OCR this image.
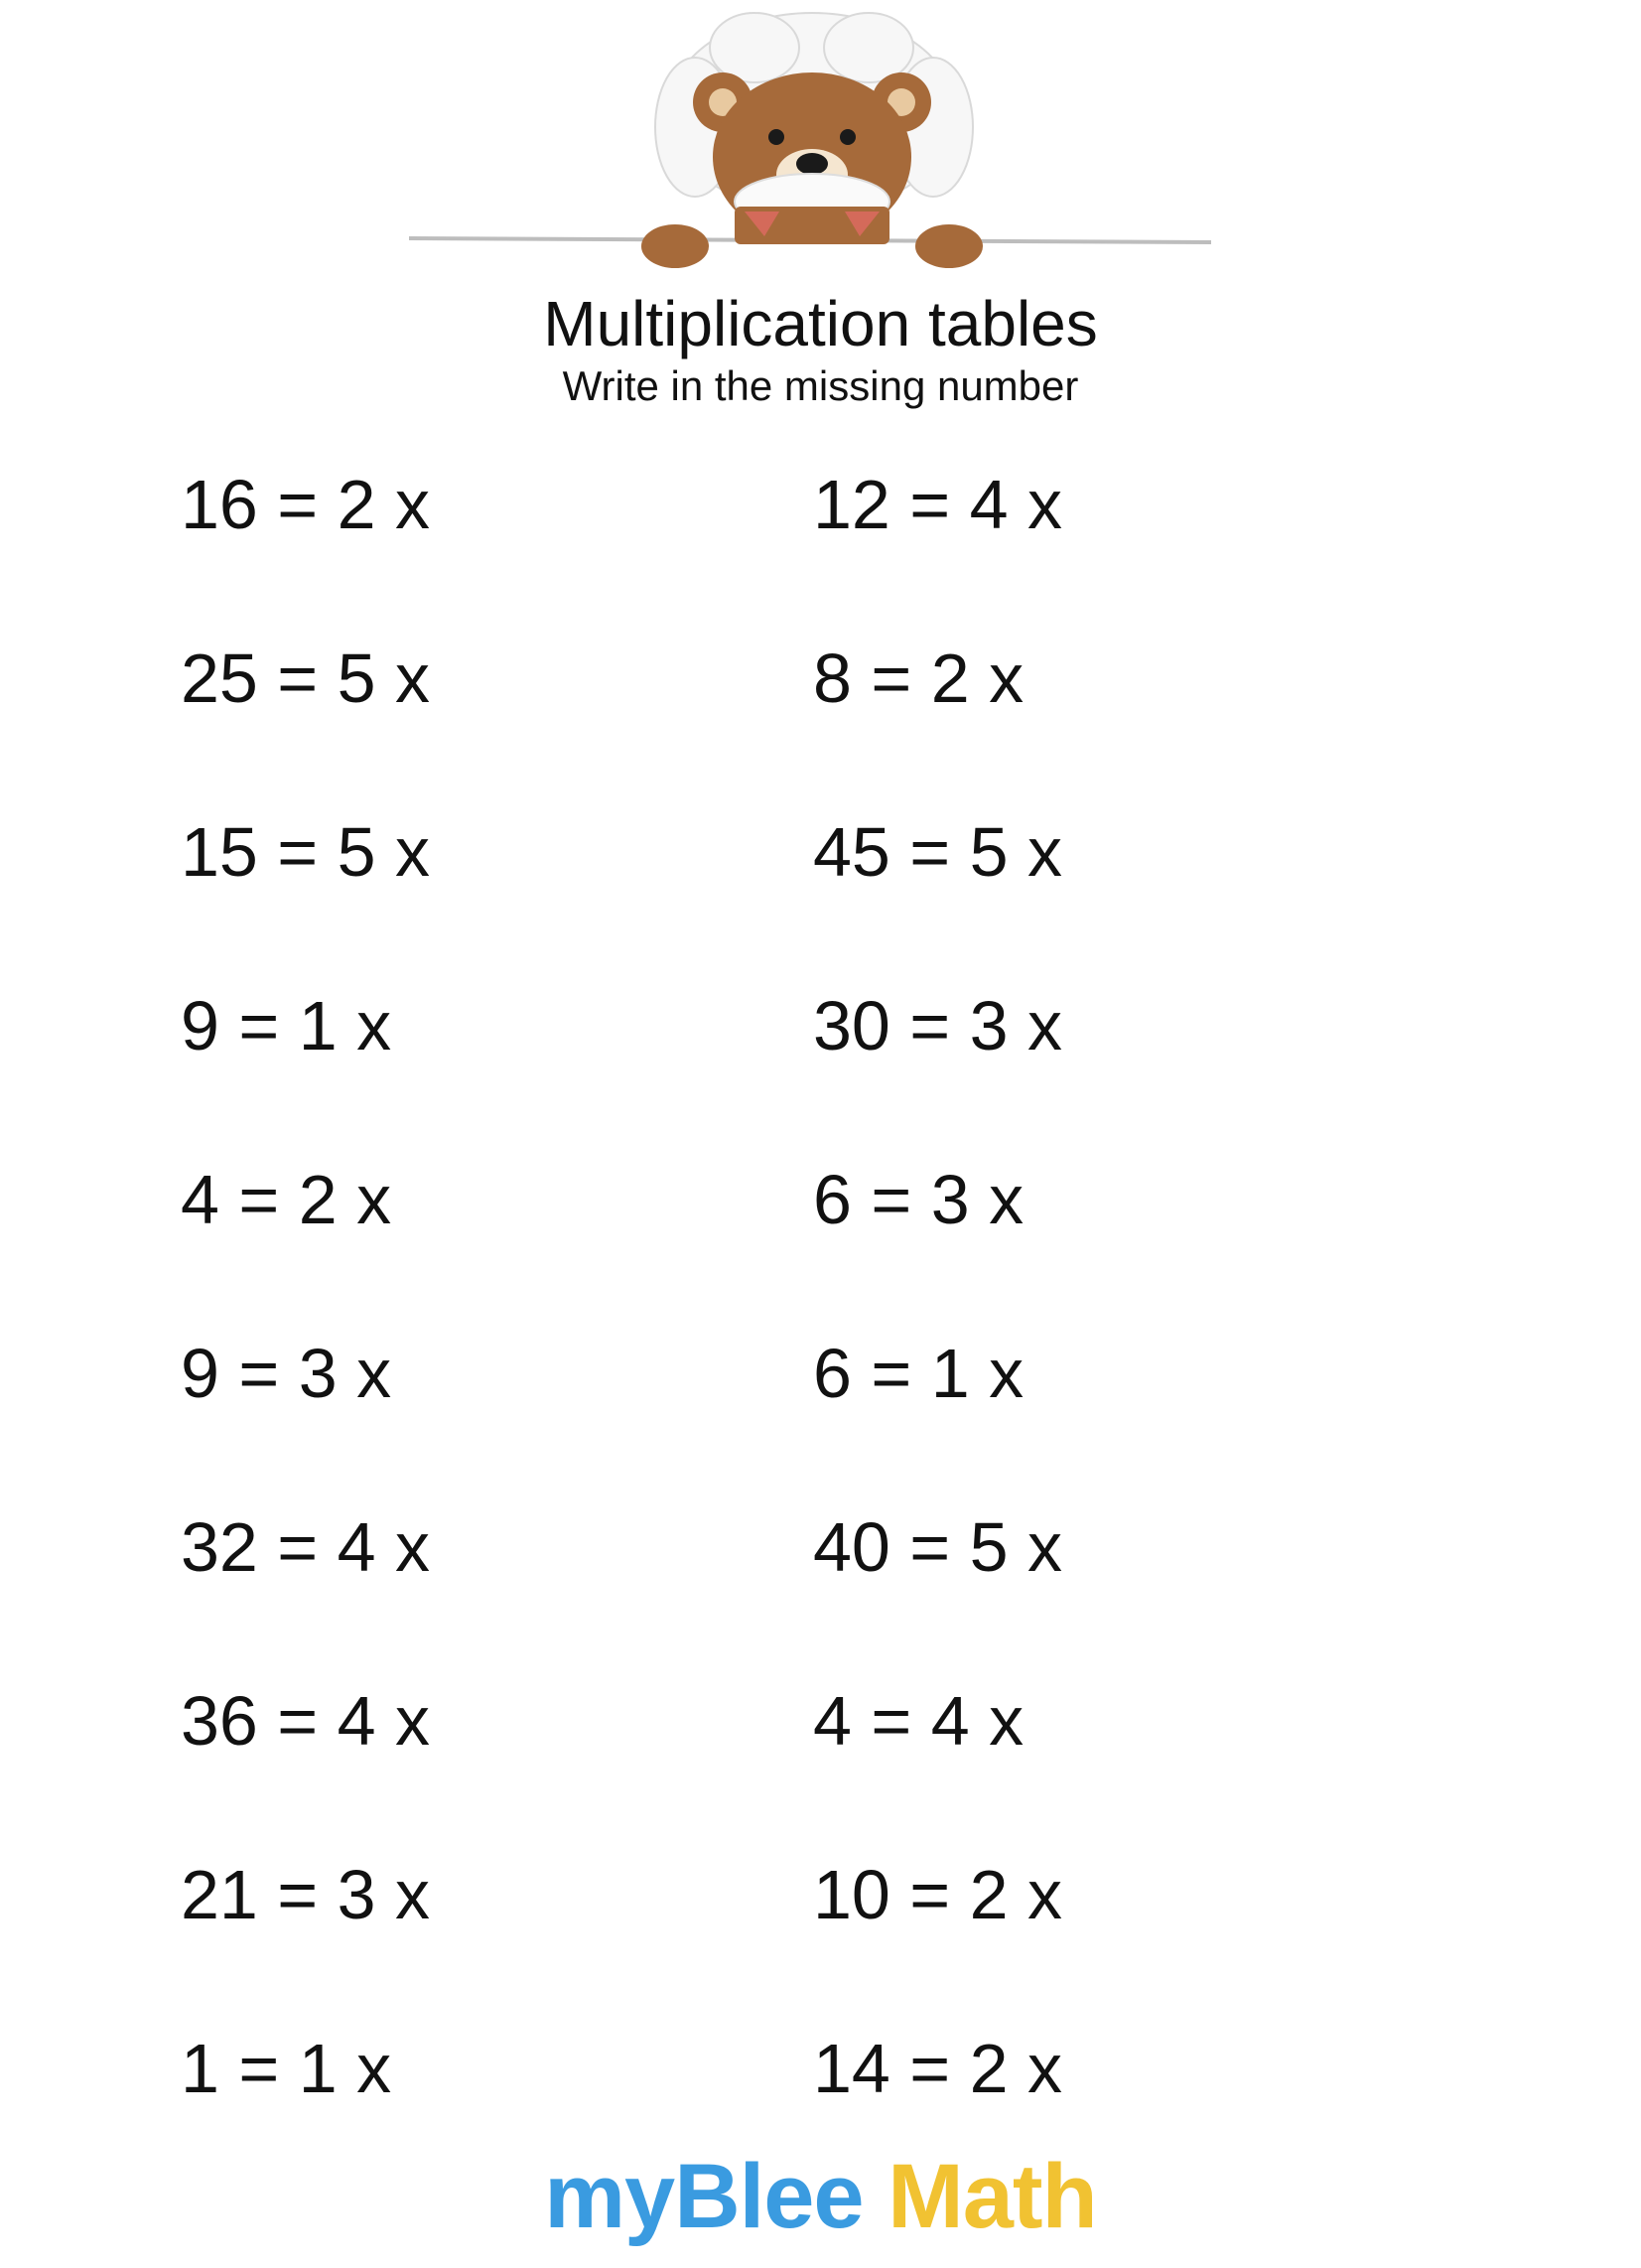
Multiplication tables
Write in the missing number
16 = 2 x	12 = 4 x
25 = 5 x	8 = 2 x
15 = 5 x	45 = 5 x
9 = 1 x	30 = 3 x
4 = 2 x	6 = 3 x
9 = 3 x	6 = 1 x
32 = 4 x	40 = 5 x
36 = 4 x	4 = 4 x
21 = 3 x	10 = 2 x
1 = 1 x	14 = 2 x
myBlee Math
